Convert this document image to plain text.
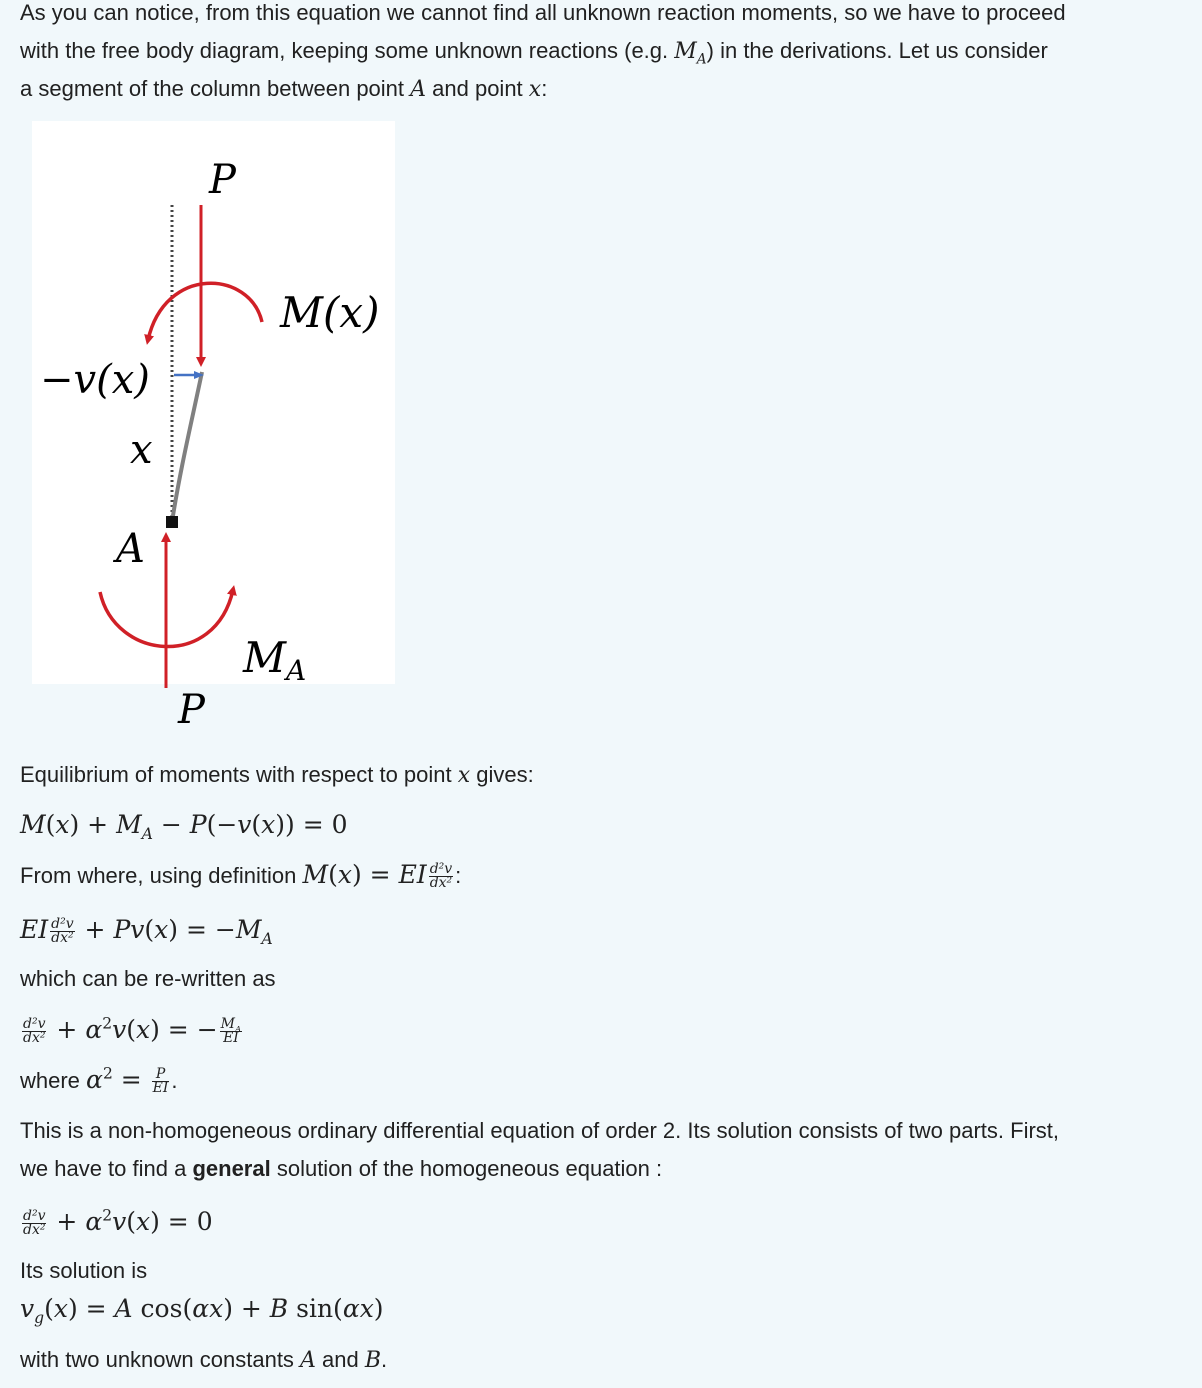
As you can notice, from this equation we cannot find all unknown reaction moments, so we have to proceed

with the free body diagram, keeping some unknown reactions (e.g. $M_A$) in the derivations. Let us consider

a segment of the column between point A and point x:

P
M(x)
−v(x)
x
A
MA
P

Equilibrium of moments with respect to point x gives:

$M(x) + M_A - P(-v(x)) = 0$

From where, using definition M(x) = EI $\frac{\text{d²v}}{\text{dx²}}$ :

EI $\frac{\text{d²v}}{\text{dx²}} + Pv(x) = -M_A$

which can be re-written as

$\frac{\text{d²v}}{\text{dx²}} + \alpha^2v(x)$ = − $\frac{M_A}{EI}$

where $\alpha^2 = \frac{P}{EI}$ .

This is a non-homogeneous ordinary differential equation of order 2. Its solution consists of two parts. First,

we have to find a general solution of the homogeneous equation :

$\frac{\text{d²v}}{\text{dx²}} + \alpha^2v(x) = 0$

Its solution is

$v_g(x) = A$ cos(αx) + B sin(αx)

with two unknown constants A and B.
